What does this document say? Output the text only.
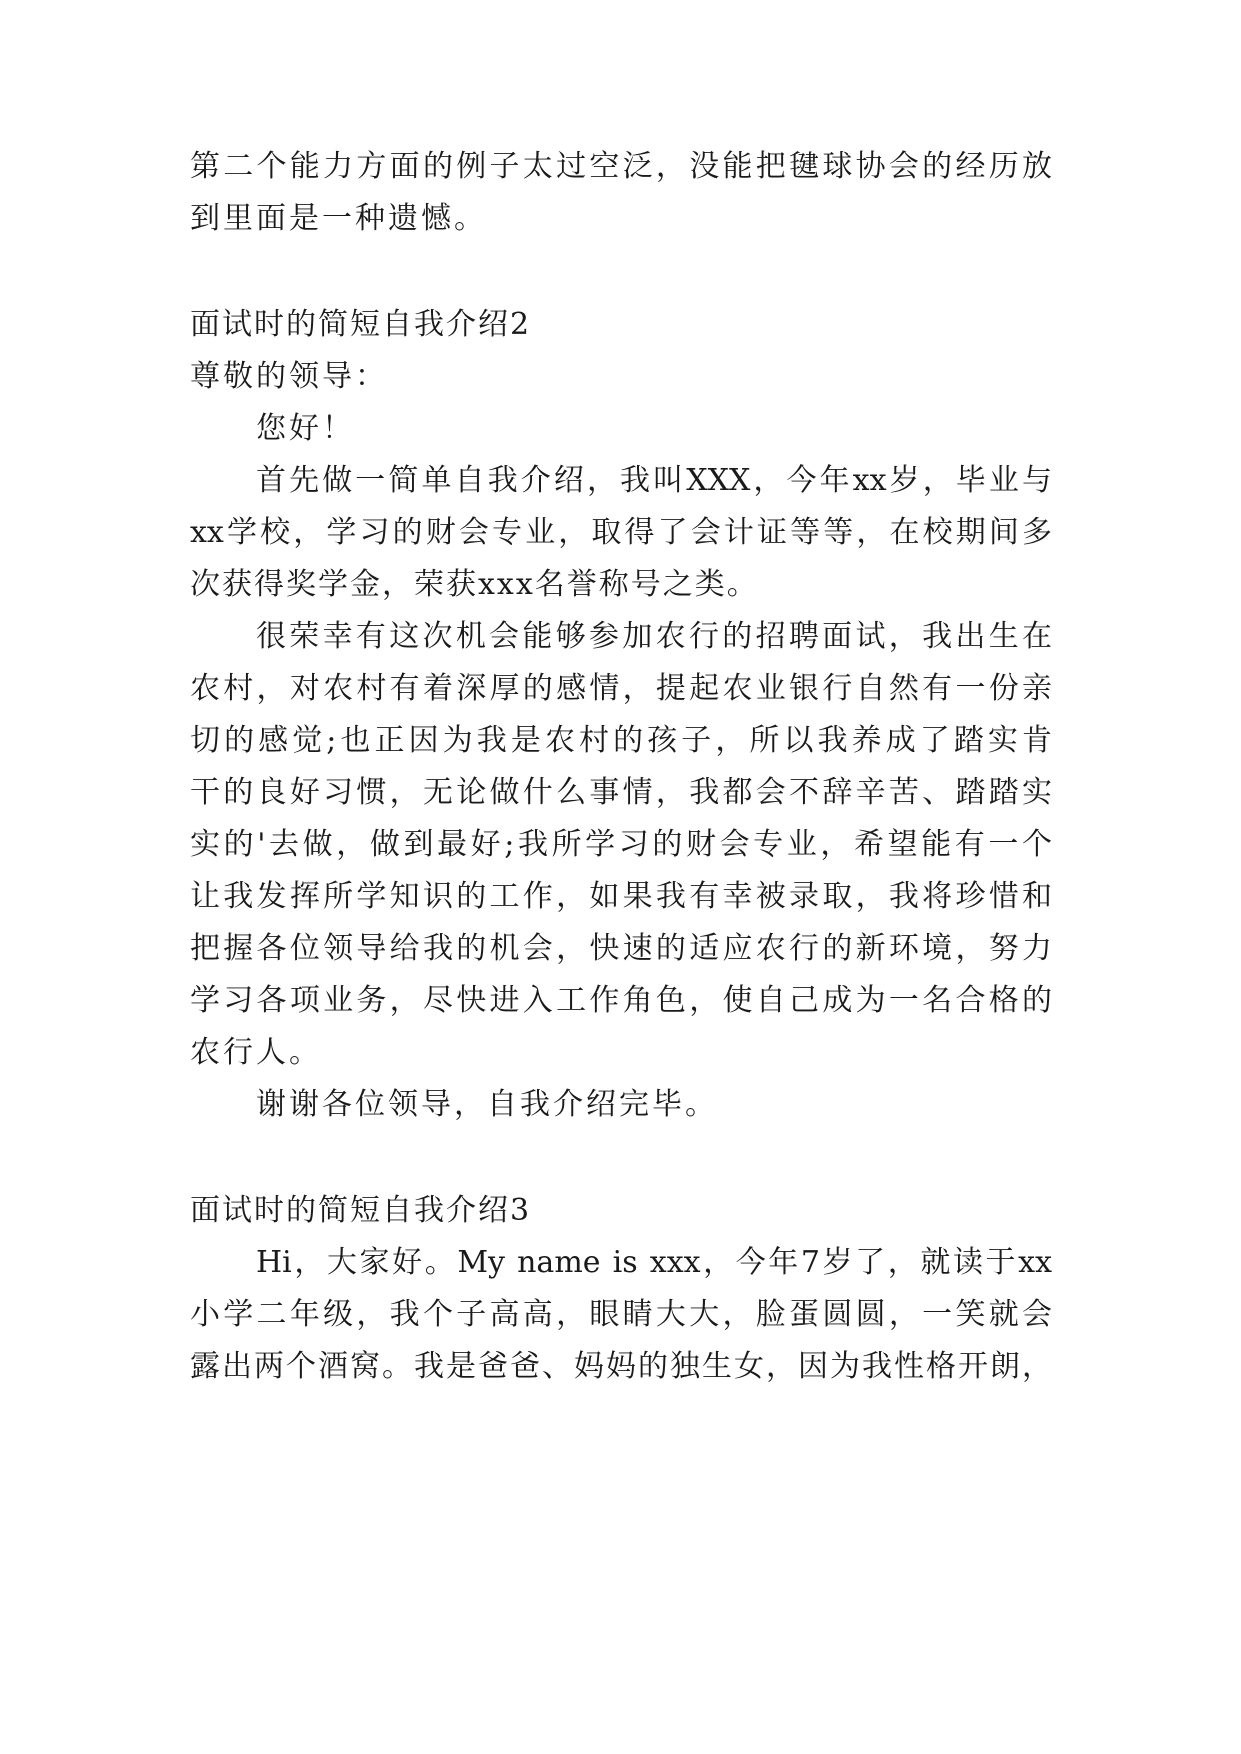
第二个能力方面的例子太过空泛，没能把毽球协会的经历放
到里面是一种遗憾。
面试时的简短自我介绍2
尊敬的领导：
您好！
首先做一简单自我介绍，我叫XXX，今年xx岁，毕业与
xx学校，学习的财会专业，取得了会计证等等，在校期间多
次获得奖学金，荣获xxx名誉称号之类。
很荣幸有这次机会能够参加农行的招聘面试，我出生在
农村，对农村有着深厚的感情，提起农业银行自然有一份亲
切的感觉;也正因为我是农村的孩子，所以我养成了踏实肯
干的良好习惯，无论做什么事情，我都会不辞辛苦、踏踏实
实的'去做，做到最好;我所学习的财会专业，希望能有一个
让我发挥所学知识的工作，如果我有幸被录取，我将珍惜和
把握各位领导给我的机会，快速的适应农行的新环境，努力
学习各项业务，尽快进入工作角色，使自己成为一名合格的
农行人。
谢谢各位领导，自我介绍完毕。
面试时的简短自我介绍3
Hi，大家好。My name is xxx，今年7岁了，就读于xx
小学二年级，我个子高高，眼睛大大，脸蛋圆圆，一笑就会
露出两个酒窝。我是爸爸、妈妈的独生女，因为我性格开朗，
